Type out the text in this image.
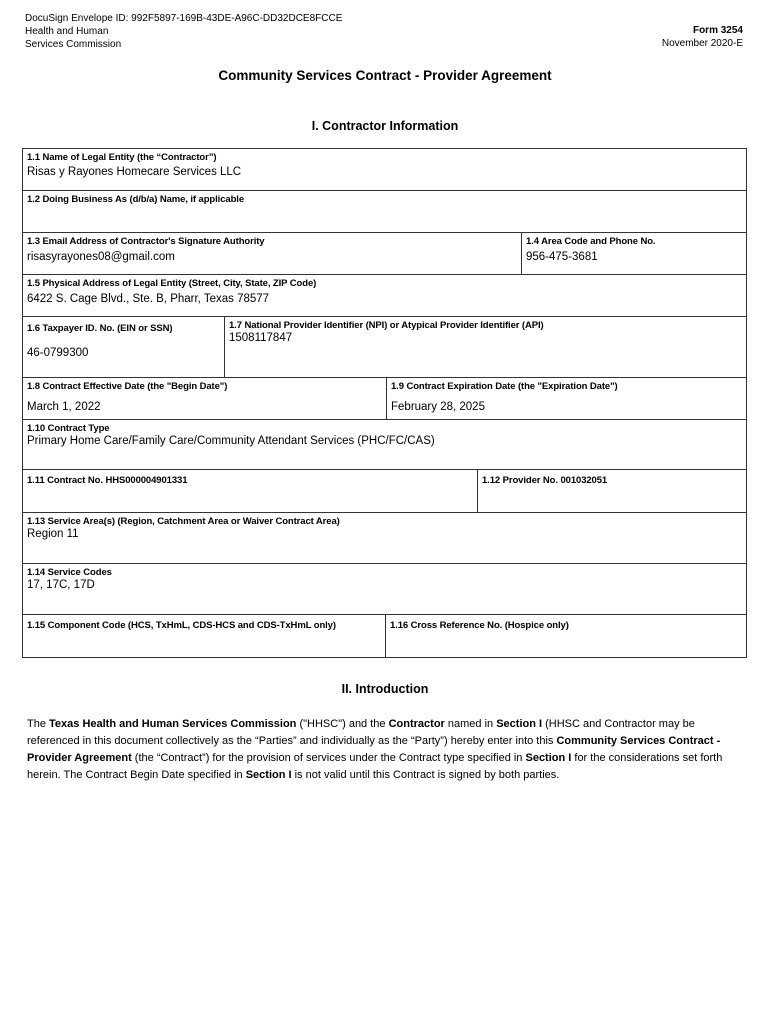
DocuSign Envelope ID: 992F5897-169B-43DE-A96C-DD32DCE8FCCE
Health and Human
Services Commission
Form 3254
November 2020-E
Community Services Contract - Provider Agreement
I. Contractor Information
1.1 Name of Legal Entity (the “Contractor”)
Risas y Rayones Homecare Services LLC
1.2 Doing Business As (d/b/a) Name, if applicable
1.3 Email Address of Contractor's Signature Authority
risasyrayones08@gmail.com
1.4 Area Code and Phone No.
956-475-3681
1.5 Physical Address of Legal Entity (Street, City, State, ZIP Code)
6422 S. Cage Blvd., Ste. B, Pharr, Texas 78577
1.6 Taxpayer ID. No. (EIN or SSN)
46-0799300
1.7 National Provider Identifier (NPI) or Atypical Provider Identifier (API)
1508117847
1.8 Contract Effective Date (the "Begin Date")
March 1, 2022
1.9 Contract Expiration Date (the "Expiration Date")
February 28, 2025
1.10 Contract Type
Primary Home Care/Family Care/Community Attendant Services (PHC/FC/CAS)
1.11 Contract No. HHS000004901331	1.12 Provider No. 001032051
1.13 Service Area(s) (Region, Catchment Area or Waiver Contract Area)
Region 11
1.14 Service Codes
17, 17C, 17D
1.15 Component Code (HCS, TxHmL, CDS-HCS and CDS-TxHmL only)	1.16 Cross Reference No. (Hospice only)
II. Introduction
The Texas Health and Human Services Commission ("HHSC") and the Contractor named in Section I (HHSC and Contractor may be referenced in this document collectively as the “Parties” and individually as the “Party”) hereby enter into this Community Services Contract - Provider Agreement (the “Contract”) for the provision of services under the Contract type specified in Section I for the considerations set forth herein. The Contract Begin Date specified in Section I is not valid until this Contract is signed by both parties.
